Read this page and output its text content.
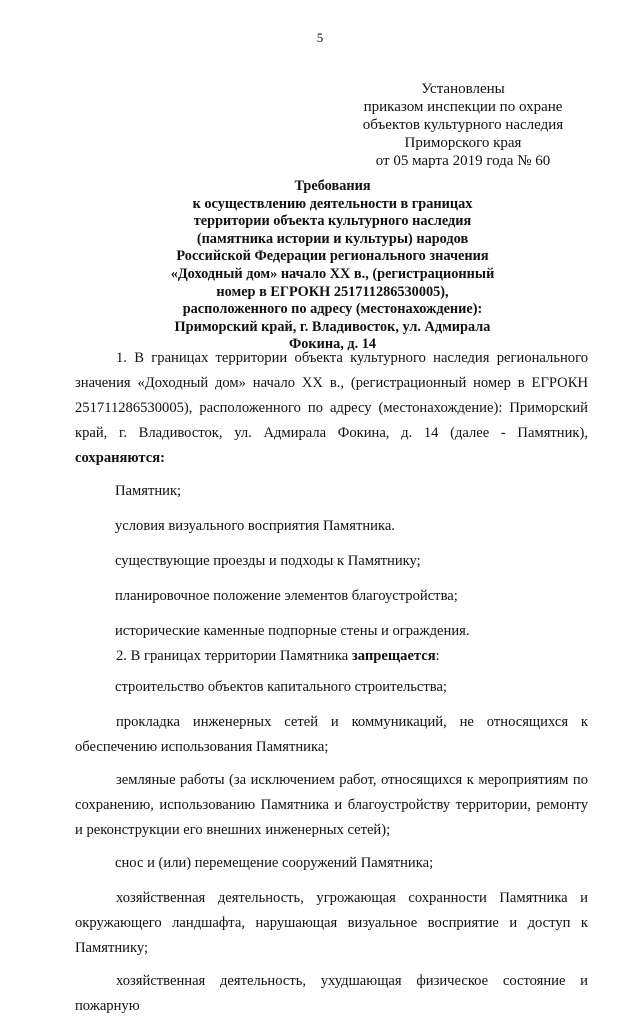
5
Установлены
приказом инспекции по охране
объектов культурного наследия
Приморского края
от 05 марта 2019 года № 60
Требования
к осуществлению деятельности в границах
территории объекта культурного наследия
(памятника истории и культуры) народов
Российской Федерации регионального значения
«Доходный дом» начало XX в., (регистрационный
номер в ЕГРОКН 251711286530005),
расположенного по адресу (местонахождение):
Приморский край, г. Владивосток, ул. Адмирала
Фокина, д. 14

1. В границах территории объекта культурного наследия регионального значения «Доходный дом» начало XX в., (регистрационный номер в ЕГРОКН 251711286530005), расположенного по адресу (местонахождение): Приморский край, г. Владивосток, ул. Адмирала Фокина, д. 14 (далее - Памятник), сохраняются:

Памятник;

условия визуального восприятия Памятника.

существующие проезды и подходы к Памятнику;

планировочное положение элементов благоустройства;

исторические каменные подпорные стены и ограждения.

2. В границах территории Памятника запрещается:

строительство объектов капитального строительства;

прокладка инженерных сетей и коммуникаций, не относящихся к обеспечению использования Памятника;

земляные работы (за исключением работ, относящихся к мероприятиям по сохранению, использованию Памятника и благоустройству территории, ремонту и реконструкции его внешних инженерных сетей);

снос и (или) перемещение сооружений Памятника;

хозяйственная деятельность, угрожающая сохранности Памятника и окружающего ландшафта, нарушающая визуальное восприятие и доступ к Памятнику;

хозяйственная деятельность, ухудшающая физическое состояние и пожарную
